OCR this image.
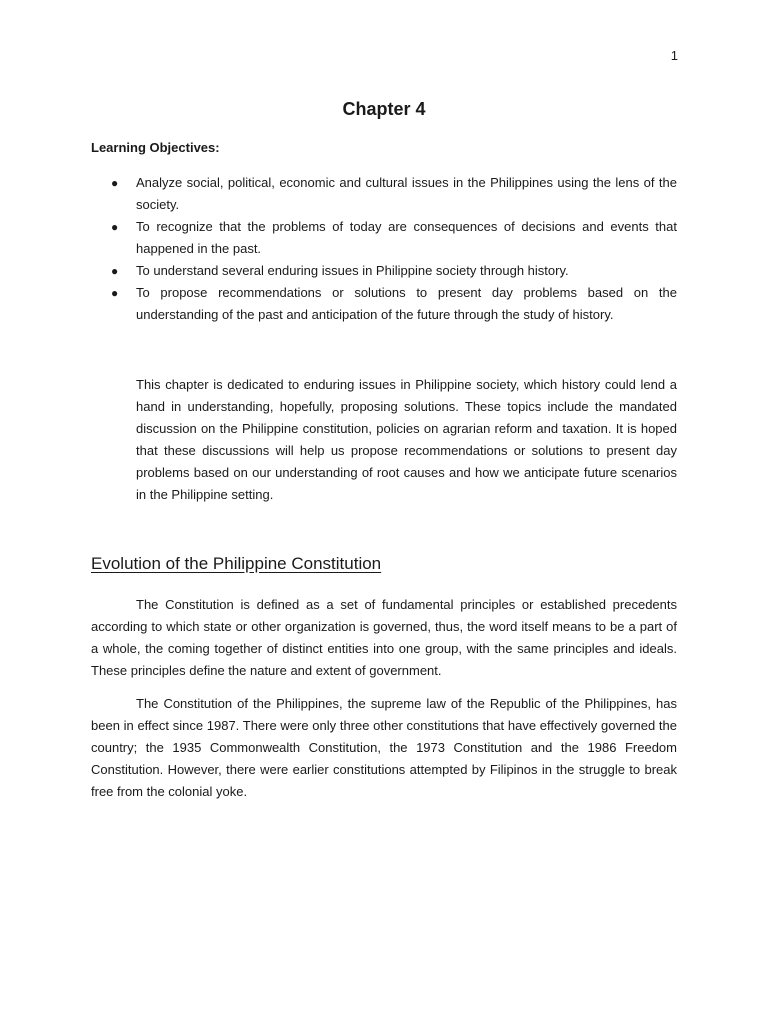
1
Chapter 4
Learning Objectives:
● Analyze social, political, economic and cultural issues in the Philippines using the lens of the society.
● To recognize that the problems of today are consequences of decisions and events that happened in the past.
● To understand several enduring issues in Philippine society through history.
● To propose recommendations or solutions to present day problems based on the understanding of the past and anticipation of the future through the study of history.

This chapter is dedicated to enduring issues in Philippine society, which history could lend a hand in understanding, hopefully, proposing solutions. These topics include the mandated discussion on the Philippine constitution, policies on agrarian reform and taxation. It is hoped that these discussions will help us propose recommendations or solutions to present day problems based on our understanding of root causes and how we anticipate future scenarios in the Philippine setting.

Evolution of the Philippine Constitution

The Constitution is defined as a set of fundamental principles or established precedents according to which state or other organization is governed, thus, the word itself means to be a part of a whole, the coming together of distinct entities into one group, with the same principles and ideals. These principles define the nature and extent of government.

The Constitution of the Philippines, the supreme law of the Republic of the Philippines, has been in effect since 1987. There were only three other constitutions that have effectively governed the country; the 1935 Commonwealth Constitution, the 1973 Constitution and the 1986 Freedom Constitution. However, there were earlier constitutions attempted by Filipinos in the struggle to break free from the colonial yoke.
